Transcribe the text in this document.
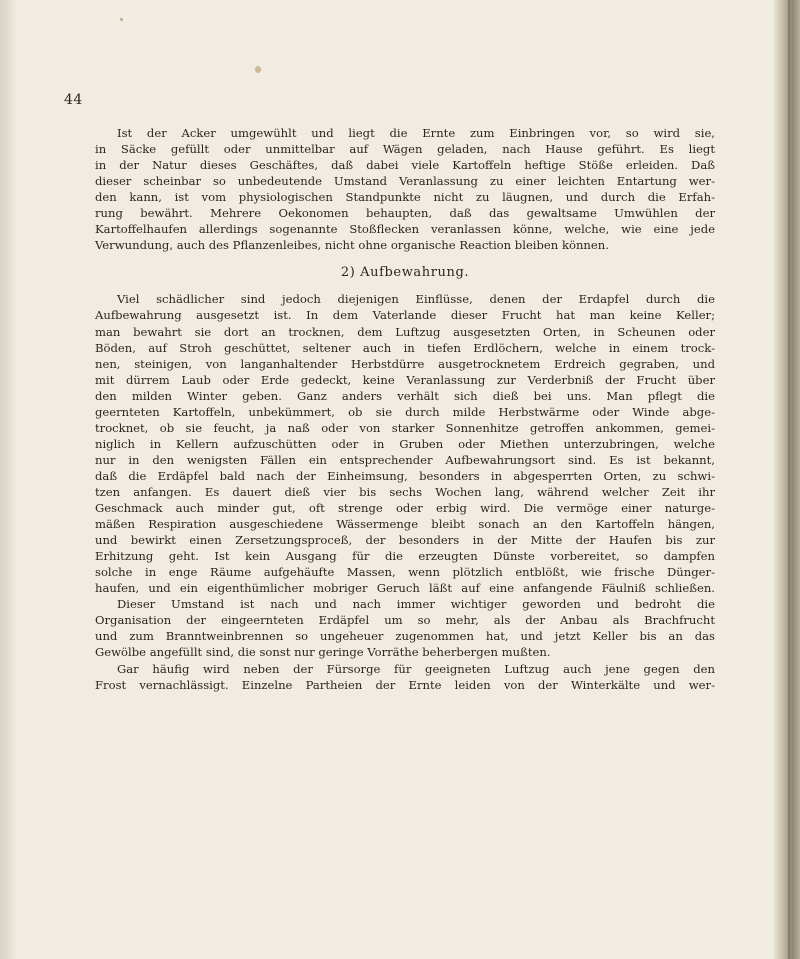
44
Ist der Acker umgewühlt und liegt die Ernte zum Einbringen vor, so wird sie,
in Säcke gefüllt oder unmittelbar auf Wägen geladen, nach Hause geführt. Es liegt
in der Natur dieses Geschäftes, daß dabei viele Kartoffeln heftige Stöße erleiden. Daß
dieser scheinbar so unbedeutende Umstand Veranlassung zu einer leichten Entartung wer-
den kann, ist vom physiologischen Standpunkte nicht zu läugnen, und durch die Erfah-
rung bewährt. Mehrere Oekonomen behaupten, daß das gewaltsame Umwühlen der
Kartoffelhaufen allerdings sogenannte Stoßflecken veranlassen könne, welche, wie eine jede
Verwundung, auch des Pflanzenleibes, nicht ohne organische Reaction bleiben können.
2) Aufbewahrung.
Viel schädlicher sind jedoch diejenigen Einflüsse, denen der Erdapfel durch die
Aufbewahrung ausgesetzt ist. In dem Vaterlande dieser Frucht hat man keine Keller;
man bewahrt sie dort an trocknen, dem Luftzug ausgesetzten Orten, in Scheunen oder
Böden, auf Stroh geschüttet, seltener auch in tiefen Erdlöchern, welche in einem trock-
nen, steinigen, von langanhaltender Herbstdürre ausgetrocknetem Erdreich gegraben, und
mit dürrem Laub oder Erde gedeckt, keine Veranlassung zur Verderbniß der Frucht über
den milden Winter geben. Ganz anders verhält sich dieß bei uns. Man pflegt die
geernteten Kartoffeln, unbekümmert, ob sie durch milde Herbstwärme oder Winde abge-
trocknet, ob sie feucht, ja naß oder von starker Sonnenhitze getroffen ankommen, gemei-
niglich in Kellern aufzuschütten oder in Gruben oder Miethen unterzubringen, welche
nur in den wenigsten Fällen ein entsprechender Aufbewahrungsort sind. Es ist bekannt,
daß die Erdäpfel bald nach der Einheimsung, besonders in abgesperrten Orten, zu schwi-
tzen anfangen. Es dauert dieß vier bis sechs Wochen lang, während welcher Zeit ihr
Geschmack auch minder gut, oft strenge oder erbig wird. Die vermöge einer naturge-
mäßen Respiration ausgeschiedene Wässermenge bleibt sonach an den Kartoffeln hängen,
und bewirkt einen Zersetzungsproceß, der besonders in der Mitte der Haufen bis zur
Erhitzung geht. Ist kein Ausgang für die erzeugten Dünste vorbereitet, so dampfen
solche in enge Räume aufgehäufte Massen, wenn plötzlich entblößt, wie frische Dünger-
haufen, und ein eigenthümlicher mobriger Geruch läßt auf eine anfangende Fäulniß schließen.
Dieser Umstand ist nach und nach immer wichtiger geworden und bedroht die
Organisation der eingeernteten Erdäpfel um so mehr, als der Anbau als Brachfrucht
und zum Branntweinbrennen so ungeheuer zugenommen hat, und jetzt Keller bis an das
Gewölbe angefüllt sind, die sonst nur geringe Vorräthe beherbergen mußten.
Gar häufig wird neben der Fürsorge für geeigneten Luftzug auch jene gegen den
Frost vernachlässigt. Einzelne Partheien der Ernte leiden von der Winterkälte und wer-
